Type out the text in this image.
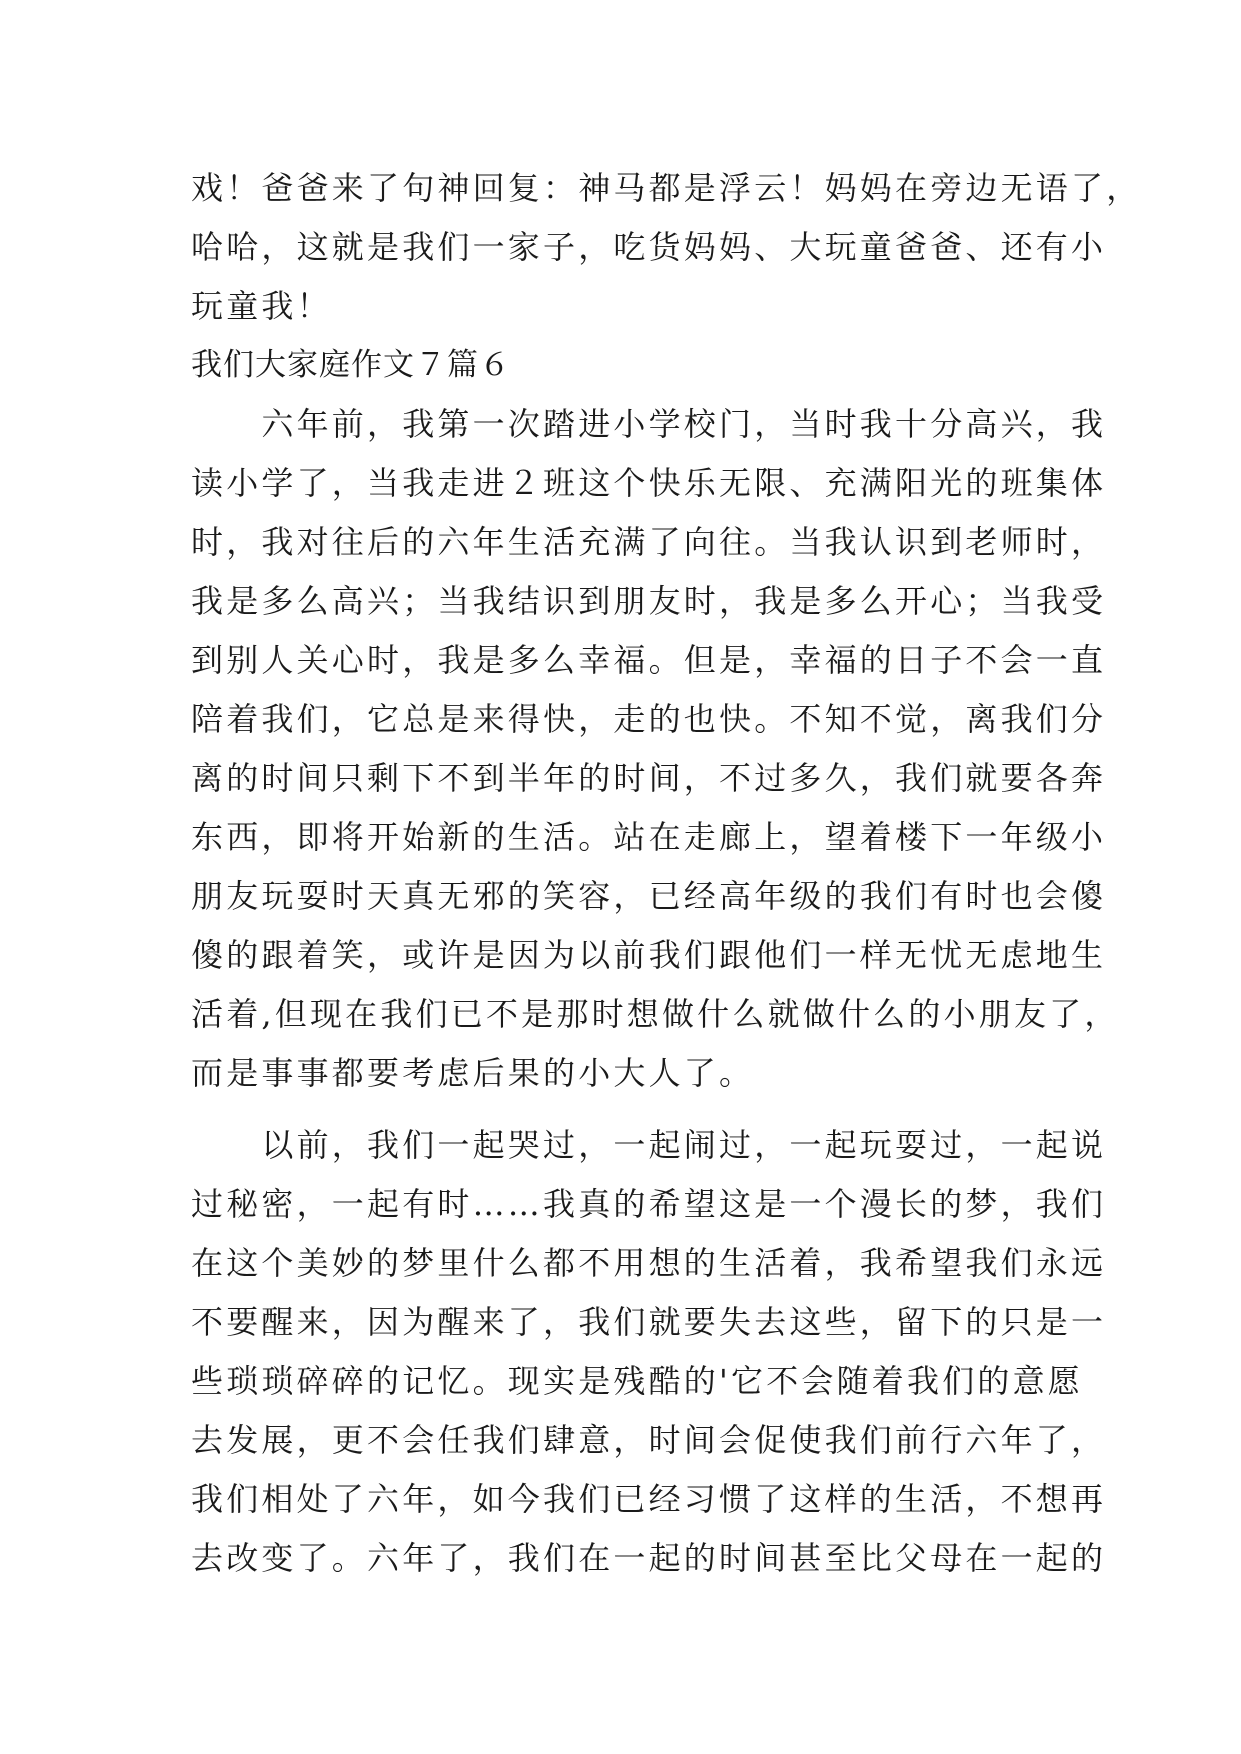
戏！爸爸来了句神回复：神马都是浮云！妈妈在旁边无语了，
哈哈，这就是我们一家子，吃货妈妈、大玩童爸爸、还有小
玩童我！
我们大家庭作文７篇６
　　六年前，我第一次踏进小学校门，当时我十分高兴，我
读小学了，当我走进２班这个快乐无限、充满阳光的班集体
时，我对往后的六年生活充满了向往。当我认识到老师时，
我是多么高兴；当我结识到朋友时，我是多么开心；当我受
到别人关心时，我是多么幸福。但是，幸福的日子不会一直
陪着我们，它总是来得快，走的也快。不知不觉，离我们分
离的时间只剩下不到半年的时间，不过多久，我们就要各奔
东西，即将开始新的生活。站在走廊上，望着楼下一年级小
朋友玩耍时天真无邪的笑容，已经高年级的我们有时也会傻
傻的跟着笑，或许是因为以前我们跟他们一样无忧无虑地生
活着,但现在我们已不是那时想做什么就做什么的小朋友了，
而是事事都要考虑后果的小大人了。
　　以前，我们一起哭过，一起闹过，一起玩耍过，一起说
过秘密，一起有时……我真的希望这是一个漫长的梦，我们
在这个美妙的梦里什么都不用想的生活着，我希望我们永远
不要醒来，因为醒来了，我们就要失去这些，留下的只是一
些琐琐碎碎的记忆。现实是残酷的'它不会随着我们的意愿
去发展，更不会任我们肆意，时间会促使我们前行六年了，
我们相处了六年，如今我们已经习惯了这样的生活，不想再
去改变了。六年了，我们在一起的时间甚至比父母在一起的
